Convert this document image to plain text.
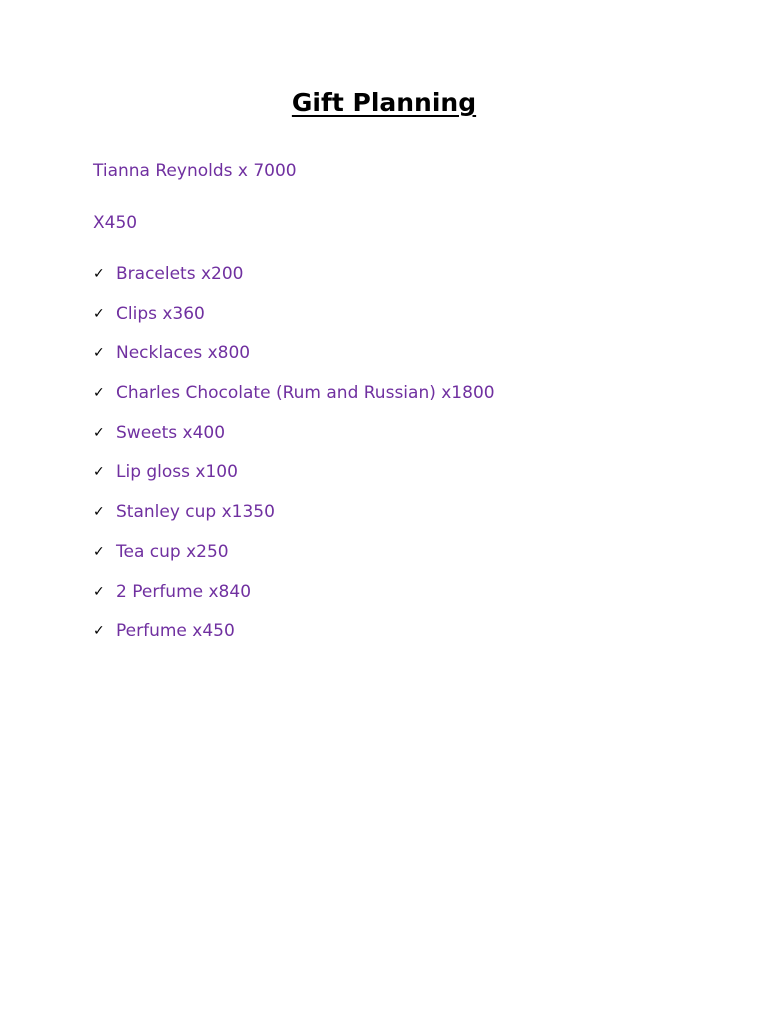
Gift Planning
Tianna Reynolds x 7000
X450
✓ Bracelets x200
✓ Clips x360
✓ Necklaces x800
✓ Charles Chocolate (Rum and Russian) x1800
✓ Sweets x400
✓ Lip gloss x100
✓ Stanley cup x1350
✓ Tea cup x250
✓ 2 Perfume x840
✓ Perfume x450
